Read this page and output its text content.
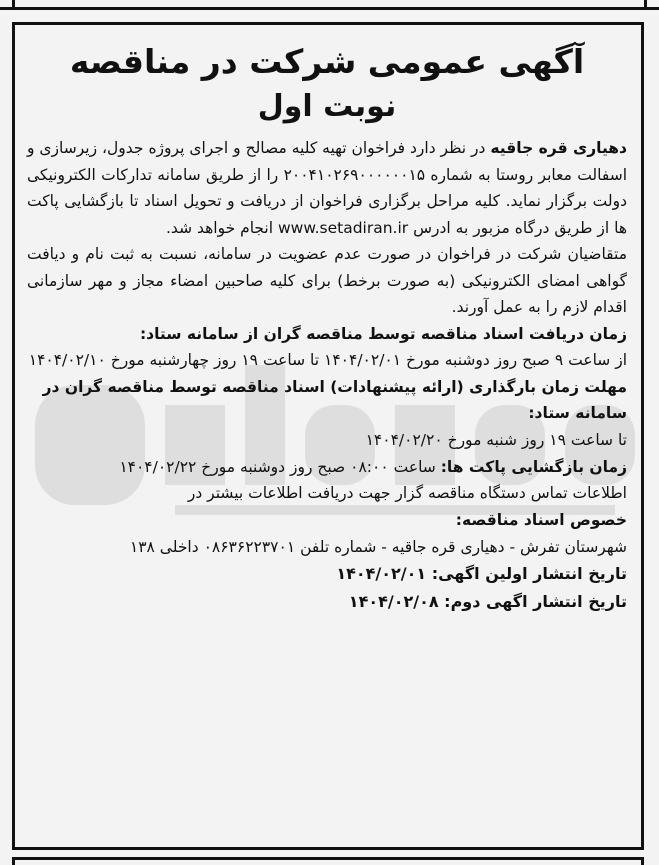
آگهی عمومی شرکت در مناقصه
نوبت اول

دهیاری قره جاقیه در نظر دارد فراخوان تهیه کلیه مصالح و اجرای پروژه جدول، زیرسازی و اسفالت معابر روستا به شماره ۲۰۰۴۱۰۲۶۹۰۰۰۰۰۰۱۵ را از طریق سامانه تدارکات الکترونیکی دولت برگزار نماید. کلیه مراحل برگزاری فراخوان از دریافت و تحویل اسناد تا بازگشایی پاکت ها از طریق درگاه مزبور به ادرس www.setadiran.ir انجام خواهد شد.

متقاضیان شرکت در فراخوان در صورت عدم عضویت در سامانه، نسبت به ثبت نام و دیافت گواهی امضای الکترونیکی (به صورت برخط) برای کلیه صاحبین امضاء مجاز و مهر سازمانی اقدام لازم را به عمل آورند.

زمان دریافت اسناد مناقصه توسط مناقصه گران از سامانه ستاد:

از ساعت ۹ صبح روز دوشنبه مورخ ۱۴۰۴/۰۲/۰۱ تا ساعت ۱۹ روز چهارشنبه مورخ ۱۴۰۴/۰۲/۱۰

مهلت زمان بارگذاری (ارائه پیشنهادات) اسناد مناقصه توسط مناقصه گران در سامانه ستاد:

تا ساعت ۱۹ روز شنبه مورخ ۱۴۰۴/۰۲/۲۰

زمان بازگشایی پاکت ها: ساعت ۰۸:۰۰ صبح روز دوشنبه مورخ ۱۴۰۴/۰۲/۲۲

اطلاعات تماس دستگاه مناقصه گزار جهت دریافت اطلاعات بیشتر در

خصوص اسناد مناقصه:

شهرستان تفرش - دهیاری قره جاقیه - شماره تلفن ۰۸۶۳۶۲۲۳۷۰۱ داخلی ۱۳۸

تاریخ انتشار اولین اگهی: ۱۴۰۴/۰۲/۰۱

تاریخ انتشار اگهی دوم: ۱۴۰۴/۰۲/۰۸
